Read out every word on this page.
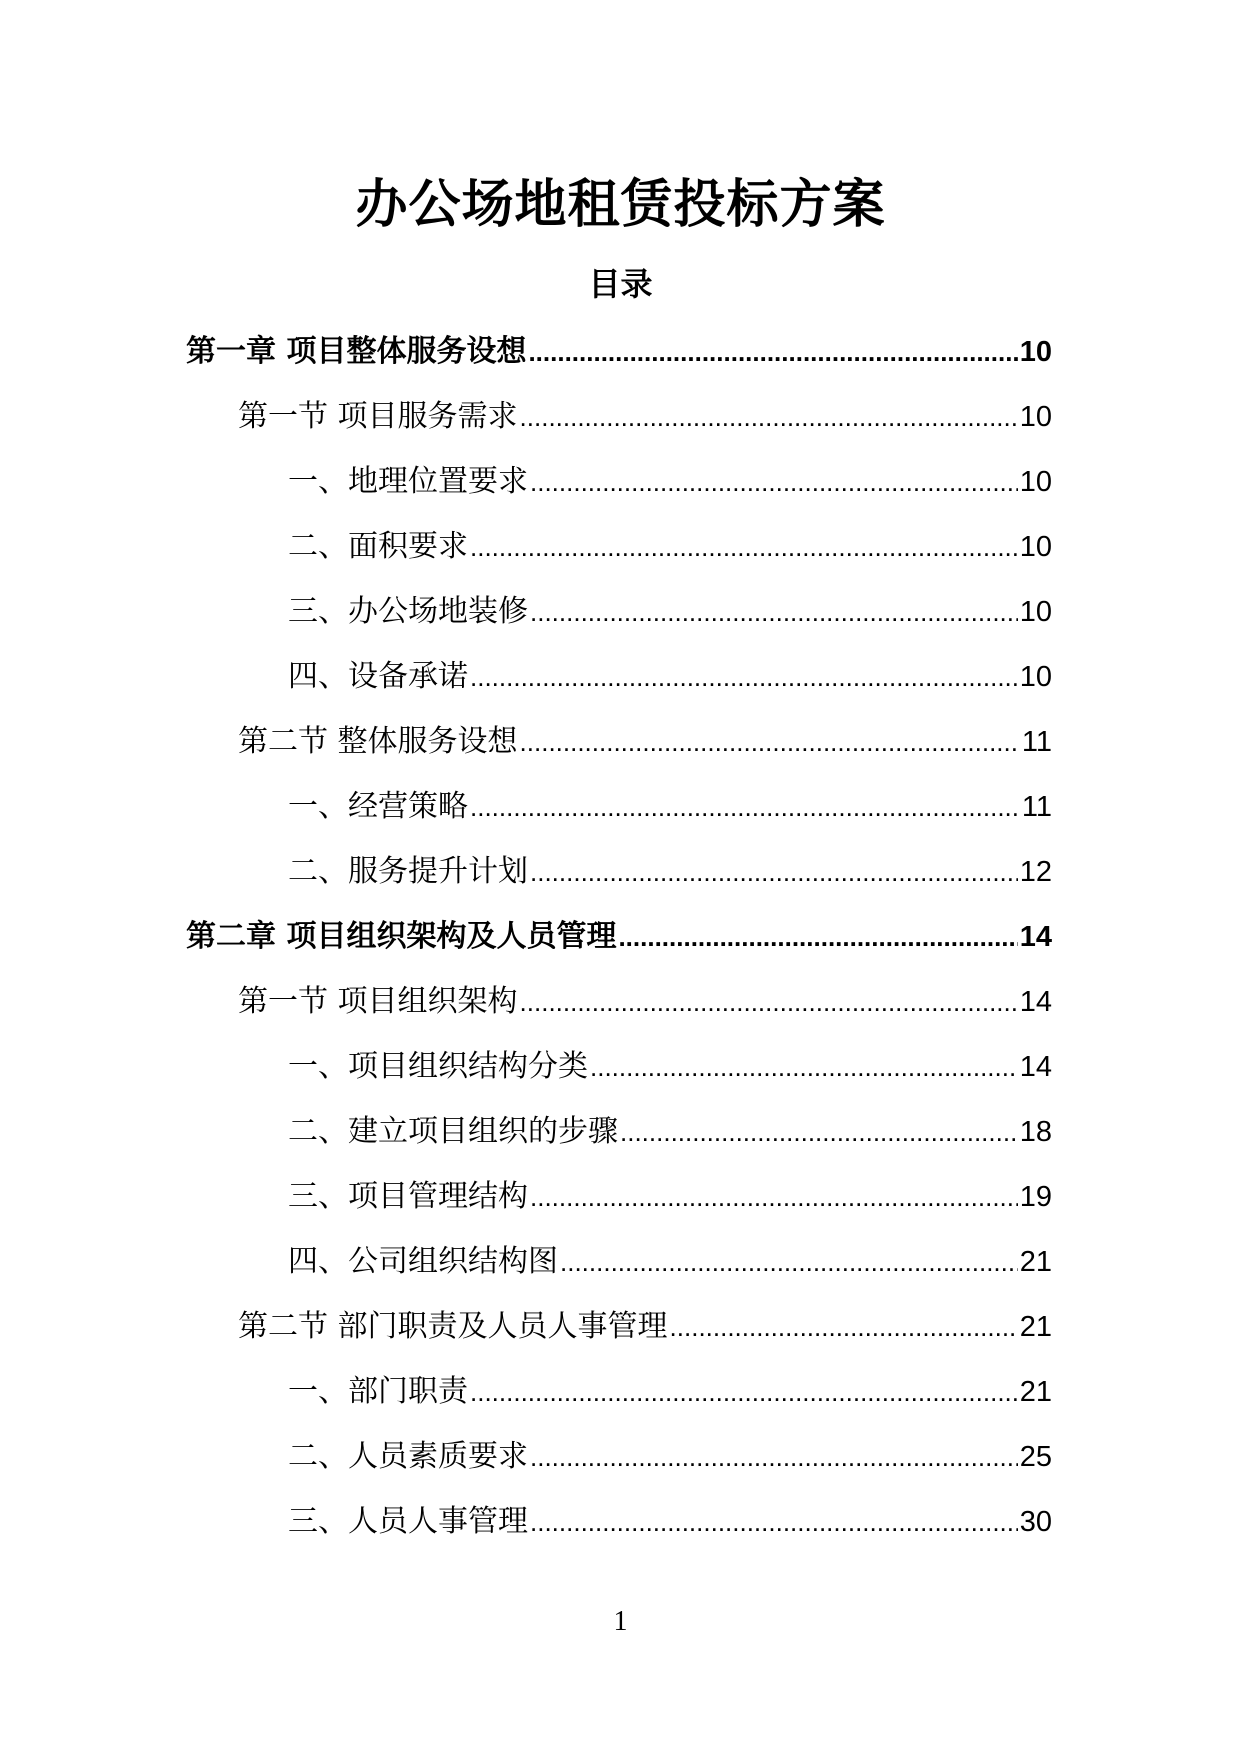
办公场地租赁投标方案
目录
第一章 项目整体服务设想 .....	10
第一节 项目服务需求 .....	10
一、地理位置要求 .....	10
二、面积要求 .....	10
三、办公场地装修 .....	10
四、设备承诺 .....	10
第二节 整体服务设想 .....	11
一、经营策略 .....	11
二、服务提升计划 .....	12
第二章 项目组织架构及人员管理 .....	14
第一节 项目组织架构 .....	14
一、项目组织结构分类 .....	14
二、建立项目组织的步骤 .....	18
三、项目管理结构 .....	19
四、公司组织结构图 .....	21
第二节 部门职责及人员人事管理 .....	21
一、部门职责 .....	21
二、人员素质要求 .....	25
三、人员人事管理 .....	30
1
